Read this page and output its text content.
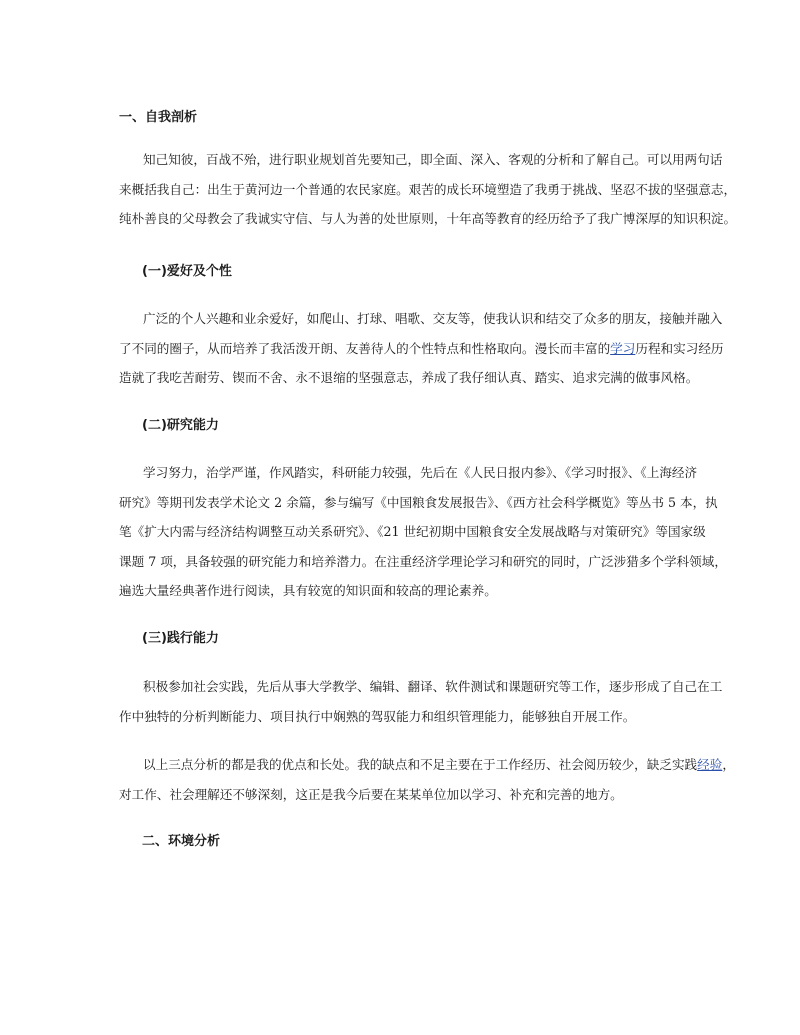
一、自我剖析

知己知彼，百战不殆，进行职业规划首先要知己，即全面、深入、客观的分析和了解自己。可以用两句话
来概括我自己：出生于黄河边一个普通的农民家庭。艰苦的成长环境塑造了我勇于挑战、坚忍不拔的坚强意志，
纯朴善良的父母教会了我诚实守信、与人为善的处世原则，十年高等教育的经历给予了我广博深厚的知识积淀。

(一)爱好及个性

广泛的个人兴趣和业余爱好，如爬山、打球、唱歌、交友等，使我认识和结交了众多的朋友，接触并融入
了不同的圈子，从而培养了我活泼开朗、友善待人的个性特点和性格取向。漫长而丰富的学习历程和实习经历
造就了我吃苦耐劳、锲而不舍、永不退缩的坚强意志，养成了我仔细认真、踏实、追求完满的做事风格。

(二)研究能力

学习努力，治学严谨，作风踏实，科研能力较强，先后在《人民日报内参》、《学习时报》、《上海经济
研究》等期刊发表学术论文 2 余篇，参与编写《中国粮食发展报告》、《西方社会科学概览》等丛书 5 本，执
笔《扩大内需与经济结构调整互动关系研究》、《21 世纪初期中国粮食安全发展战略与对策研究》等国家级
课题 7 项，具备较强的研究能力和培养潜力。在注重经济学理论学习和研究的同时，广泛涉猎多个学科领域，
遍选大量经典著作进行阅读，具有较宽的知识面和较高的理论素养。

(三)践行能力

积极参加社会实践，先后从事大学教学、编辑、翻译、软件测试和课题研究等工作，逐步形成了自己在工
作中独特的分析判断能力、项目执行中娴熟的驾驭能力和组织管理能力，能够独自开展工作。

以上三点分析的都是我的优点和长处。我的缺点和不足主要在于工作经历、社会阅历较少，缺乏实践经验，
对工作、社会理解还不够深刻，这正是我今后要在某某单位加以学习、补充和完善的地方。

二、环境分析
